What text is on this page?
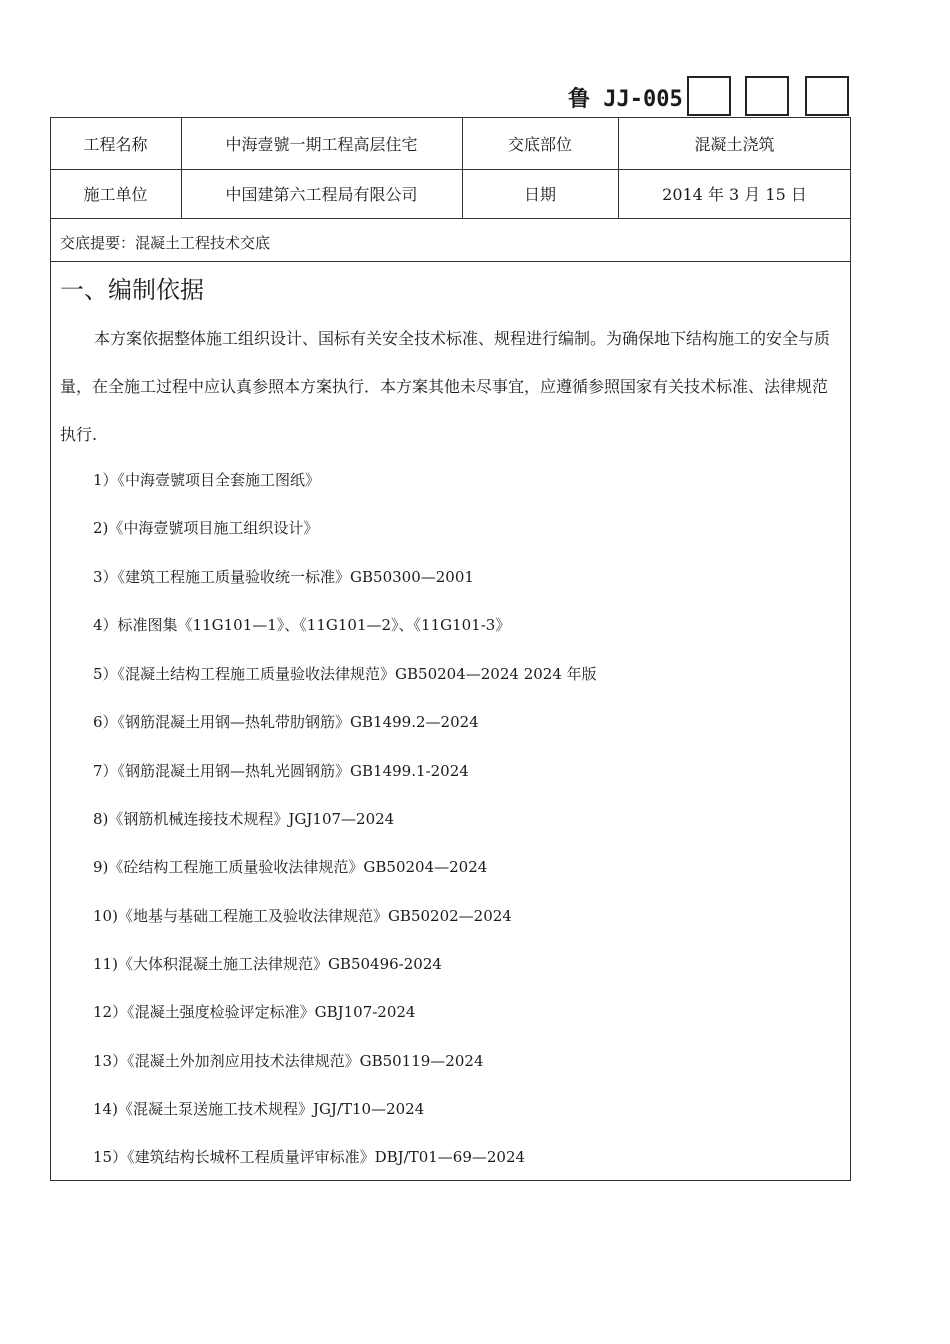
鲁 JJ-005
工程名称	中海壹號一期工程高层住宅	交底部位	混凝土浇筑
施工单位	中国建第六工程局有限公司	日期	2014 年 3 月 15 日
交底提要：混凝土工程技术交底
一、编制依据
本方案依据整体施工组织设计、国标有关安全技术标准、规程进行编制。为确保地下结构施工的安全与质量，在全施工过程中应认真参照本方案执行．本方案其他未尽事宜，应遵循参照国家有关技术标准、法律规范执行.
1）《中海壹號项目全套施工图纸》
2)《中海壹號项目施工组织设计》
3）《建筑工程施工质量验收统一标准》GB50300—2001
4）标准图集《11G101—1》、《11G101—2》、《11G101-3》
5）《混凝土结构工程施工质量验收法律规范》GB50204—2024 2024 年版
6）《钢筋混凝土用钢—热轧带肋钢筋》GB1499.2—2024
7）《钢筋混凝土用钢—热轧光圆钢筋》GB1499.1-2024
8)《钢筋机械连接技术规程》JGJ107—2024
9)《砼结构工程施工质量验收法律规范》GB50204—2024
10)《地基与基础工程施工及验收法律规范》GB50202—2024
11)《大体积混凝土施工法律规范》GB50496-2024
12）《混凝土强度检验评定标准》GBJ107-2024
13）《混凝土外加剂应用技术法律规范》GB50119—2024
14)《混凝土泵送施工技术规程》JGJ/T10—2024
15）《建筑结构长城杯工程质量评审标准》DBJ/T01—69—2024
